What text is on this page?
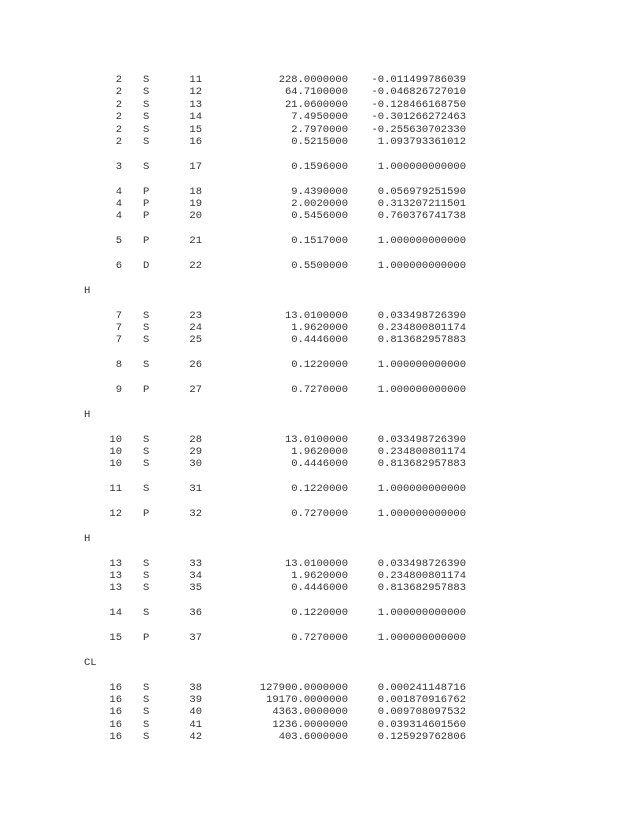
2 S	11	228.0000000 -0.011499786039
2 S	12	64.7100000 -0.046826727010
2 S	13	21.0600000 -0.128466168750
2 S	14	7.4950000 -0.301266272463
2 S	15	2.7970000 -0.255630702330
2 S	16	0.5215000	1.093793361012
3 S	17	0.1596000	1.000000000000
4 P	18	9.4390000	0.056979251590
4 P	19	2.0020000	0.313207211501
4 P	20	0.5456000	0.760376741738
5 P	21	0.1517000	1.000000000000
6 D	22	0.5500000	1.000000000000
H
7 S	23	13.0100000	0.033498726390
7 S	24	1.9620000	0.234800801174
7 S	25	0.4446000	0.813682957883
8 S	26	0.1220000	1.000000000000
9 P	27	0.7270000	1.000000000000
H
10 S	28	13.0100000	0.033498726390
10 S	29	1.9620000	0.234800801174
10 S	30	0.4446000	0.813682957883
11 S	31	0.1220000	1.000000000000
12 P	32	0.7270000	1.000000000000
H
13 S	33	13.0100000	0.033498726390
13 S	34	1.9620000	0.234800801174
13 S	35	0.4446000	0.813682957883
14 S	36	0.1220000	1.000000000000
15 P	37	0.7270000	1.000000000000
CL
16 S	38	127900.0000000	0.000241148716
16 S	39	19170.0000000	0.001870916762
16 S	40	4363.0000000	0.009708097532
16 S	41	1236.0000000	0.039314601560
16 S	42	403.6000000	0.125929762806
